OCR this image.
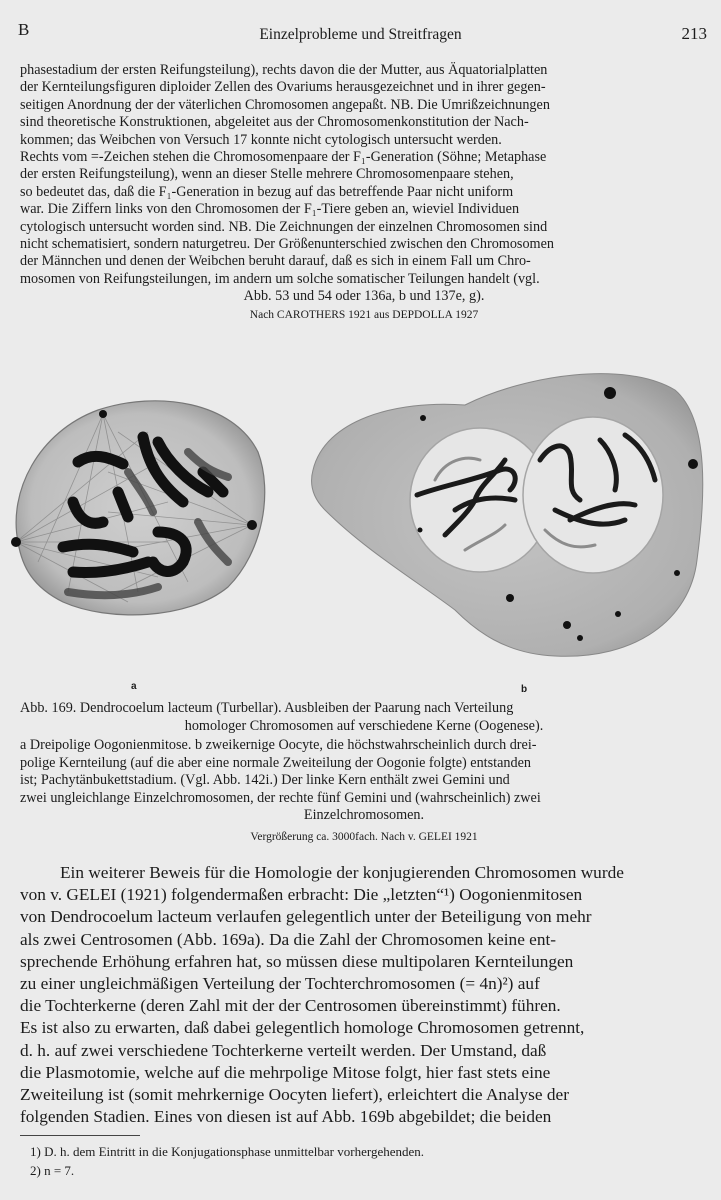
B	Einzelprobleme und Streitfragen	213
phasestadium der ersten Reifungsteilung), rechts davon die der Mutter, aus Äquatorialplatten
der Kernteilungsfiguren diploider Zellen des Ovariums herausgezeichnet und in ihrer gegen-
seitigen Anordnung der der väterlichen Chromosomen angepaßt. NB. Die Umrißzeichnungen
sind theoretische Konstruktionen, abgeleitet aus der Chromosomenkonstitution der Nach-
kommen; das Weibchen von Versuch 17 konnte nicht cytologisch untersucht werden.
Rechts vom =-Zeichen stehen die Chromosomenpaare der F₁-Generation (Söhne; Metaphase
der ersten Reifungsteilung), wenn an dieser Stelle mehrere Chromosomenpaare stehen,
so bedeutet das, daß die F₁-Generation in bezug auf das betreffende Paar nicht uniform
war. Die Ziffern links von den Chromosomen der F₁-Tiere geben an, wieviel Individuen
cytologisch untersucht worden sind. NB. Die Zeichnungen der einzelnen Chromosomen sind
nicht schematisiert, sondern naturgetreu. Der Größenunterschied zwischen den Chromosomen
der Männchen und denen der Weibchen beruht darauf, daß es sich in einem Fall um Chro-
mosomen von Reifungsteilungen, im andern um solche somatischer Teilungen handelt (vgl.
Abb. 53 und 54 oder 136a, b und 137e, g).
Nach CAROTHERS 1921 aus DEPDOLLA 1927
a	b
Abb. 169. Dendrocoelum lacteum (Turbellar). Ausbleiben der Paarung nach Verteilung
homologer Chromosomen auf verschiedene Kerne (Oogenese).
a Dreipolige Oogonienmitose. b zweikernige Oocyte, die höchstwahrscheinlich durch drei-
polige Kernteilung (auf die aber eine normale Zweiteilung der Oogonie folgte) entstanden
ist; Pachytänbukettstadium. (Vgl. Abb. 142i.) Der linke Kern enthält zwei Gemini und
zwei ungleichlange Einzelchromosomen, der rechte fünf Gemini und (wahrscheinlich) zwei
Einzelchromosomen.
Vergrößerung ca. 3000fach. Nach v. GELEI 1921
Ein weiterer Beweis für die Homologie der konjugierenden Chromosomen wurde
von v. GELEI (1921) folgendermaßen erbracht: Die „letzten“¹) Oogonienmitosen
von Dendrocoelum lacteum verlaufen gelegentlich unter der Beteiligung von mehr
als zwei Centrosomen (Abb. 169a). Da die Zahl der Chromosomen keine ent-
sprechende Erhöhung erfahren hat, so müssen diese multipolaren Kernteilungen
zu einer ungleichmäßigen Verteilung der Tochterchromosomen (= 4n)²) auf
die Tochterkerne (deren Zahl mit der der Centrosomen übereinstimmt) führen.
Es ist also zu erwarten, daß dabei gelegentlich homologe Chromosomen getrennt,
d. h. auf zwei verschiedene Tochterkerne verteilt werden. Der Umstand, daß
die Plasmotomie, welche auf die mehrpolige Mitose folgt, hier fast stets eine
Zweiteilung ist (somit mehrkernige Oocyten liefert), erleichtert die Analyse der
folgenden Stadien. Eines von diesen ist auf Abb. 169b abgebildet; die beiden
1) D. h. dem Eintritt in die Konjugationsphase unmittelbar vorhergehenden.
2) n = 7.
